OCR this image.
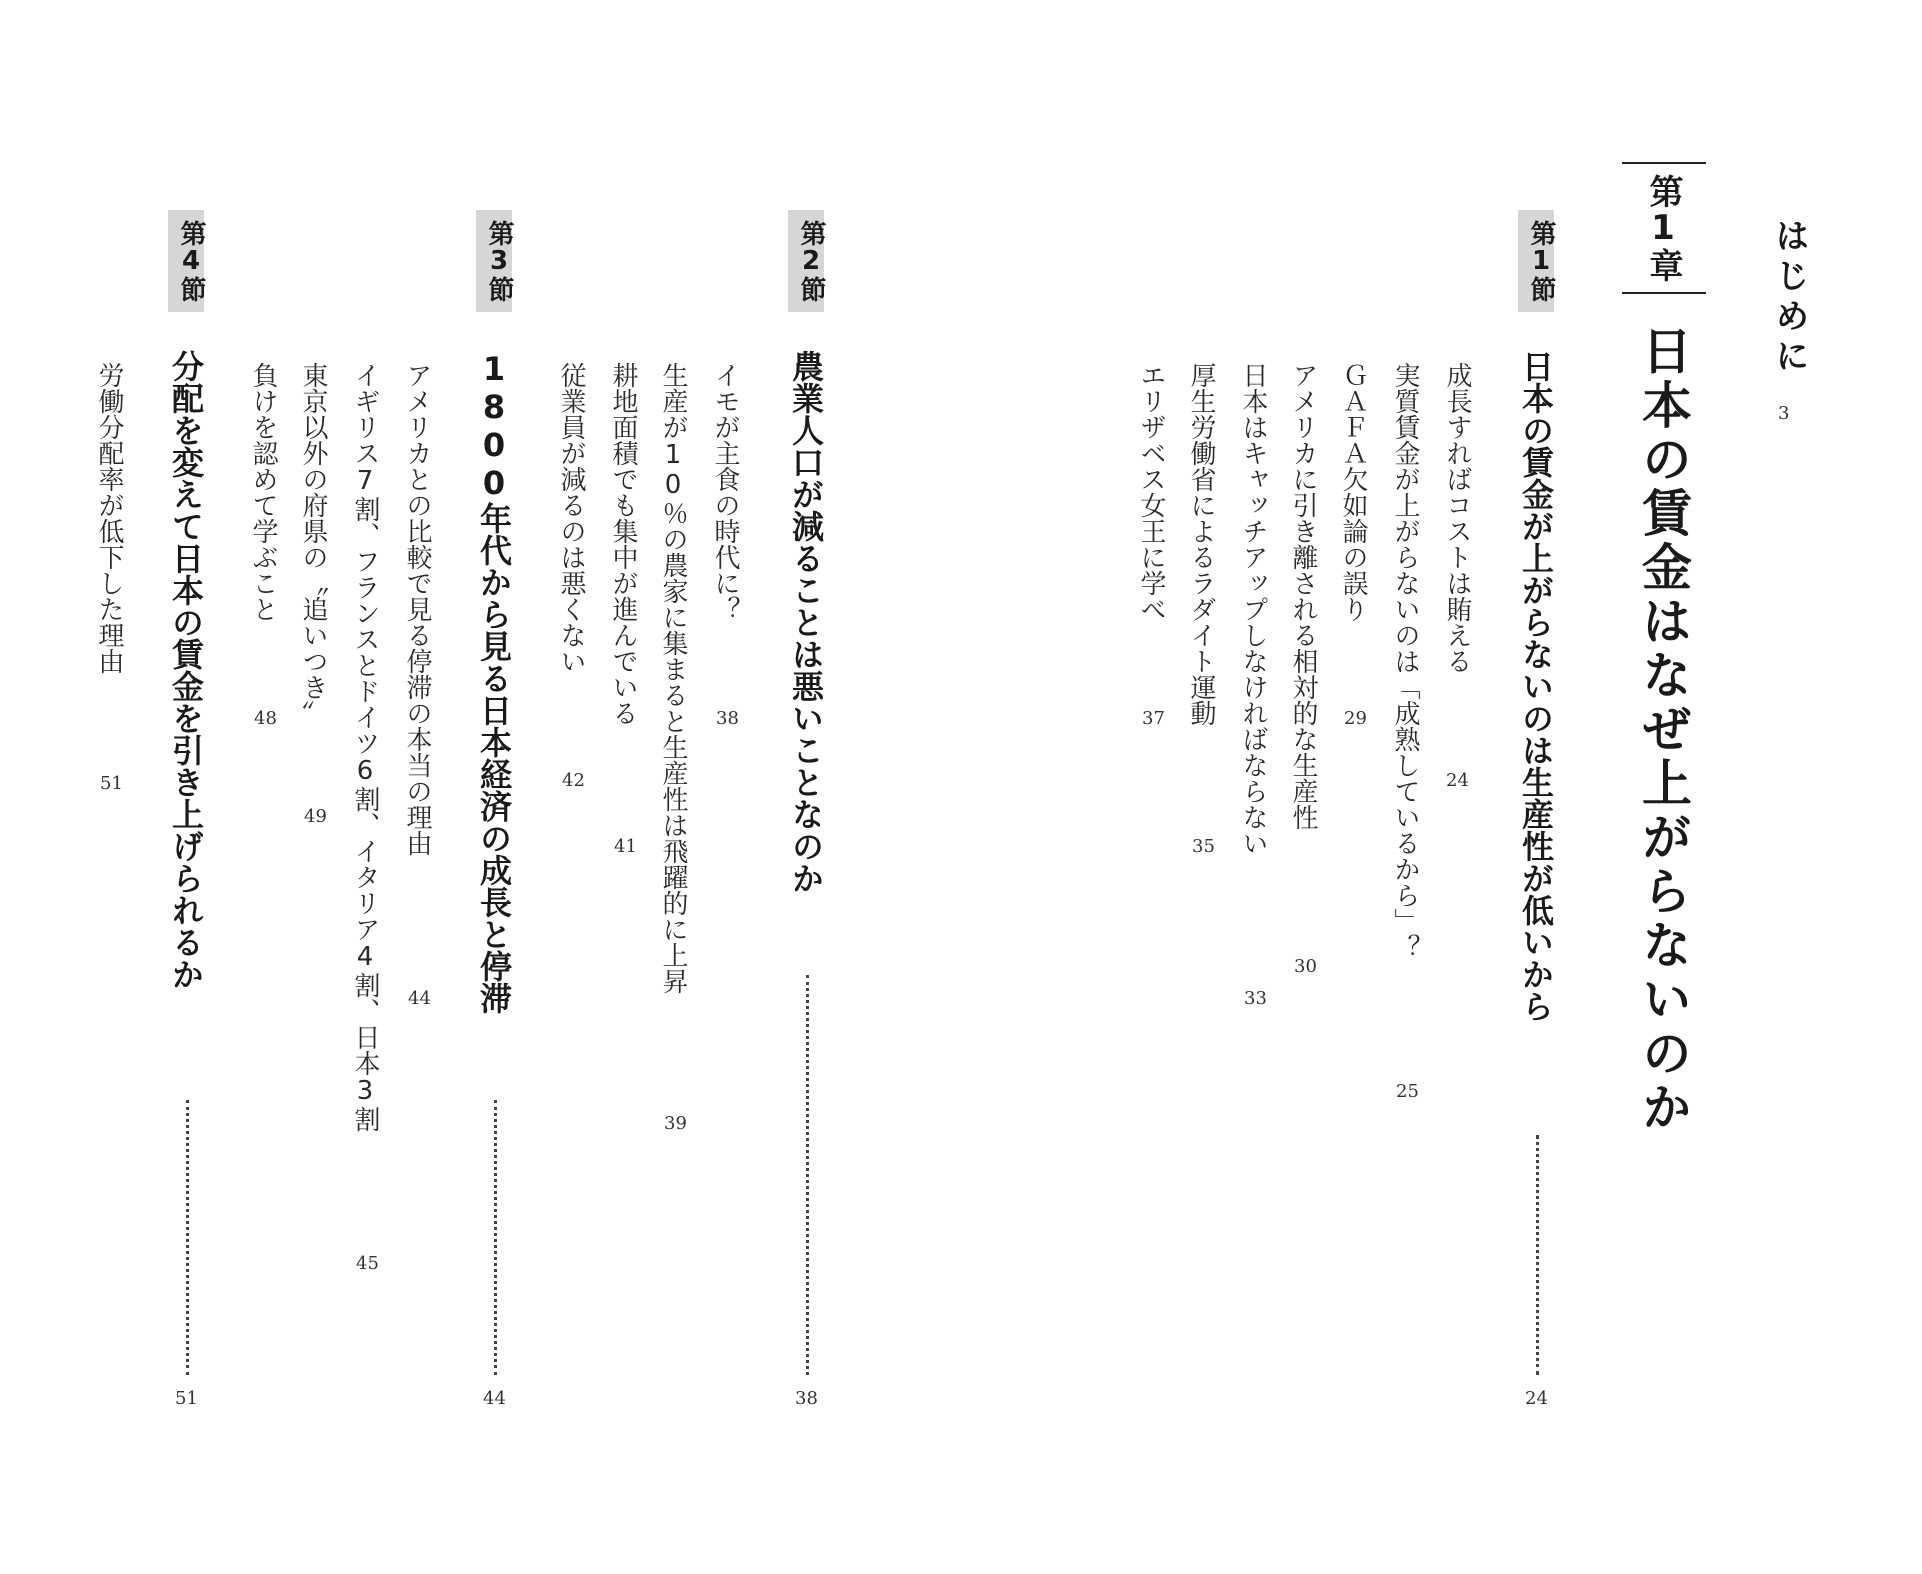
はじめに
3
第1章
日本の賃金はなぜ上がらないのか
第1節
日本の賃金が上がらないのは生産性が低いから
24
成長すればコストは賄える
24
実質賃金が上がらないのは「成熟しているから」？
25
ＧＡＦＡ欠如論の誤り
29
アメリカに引き離される相対的な生産性
30
日本はキャッチアップしなければならない
33
厚生労働省によるラダイト運動
35
エリザベス女王に学べ
37
第2節
農業人口が減ることは悪いことなのか
38
イモが主食の時代に？
38
生産が10％の農家に集まると生産性は飛躍的に上昇
39
耕地面積でも集中が進んでいる
41
従業員が減るのは悪くない
42
第3節
1800年代から見る日本経済の成長と停滞
44
アメリカとの比較で見る停滞の本当の理由
44
イギリス7割、フランスとドイツ6割、イタリア4割、日本3割
45
東京以外の府県の〝追いつき〟
49
負けを認めて学ぶこと
48
第4節
分配を変えて日本の賃金を引き上げられるか
51
労働分配率が低下した理由
51
